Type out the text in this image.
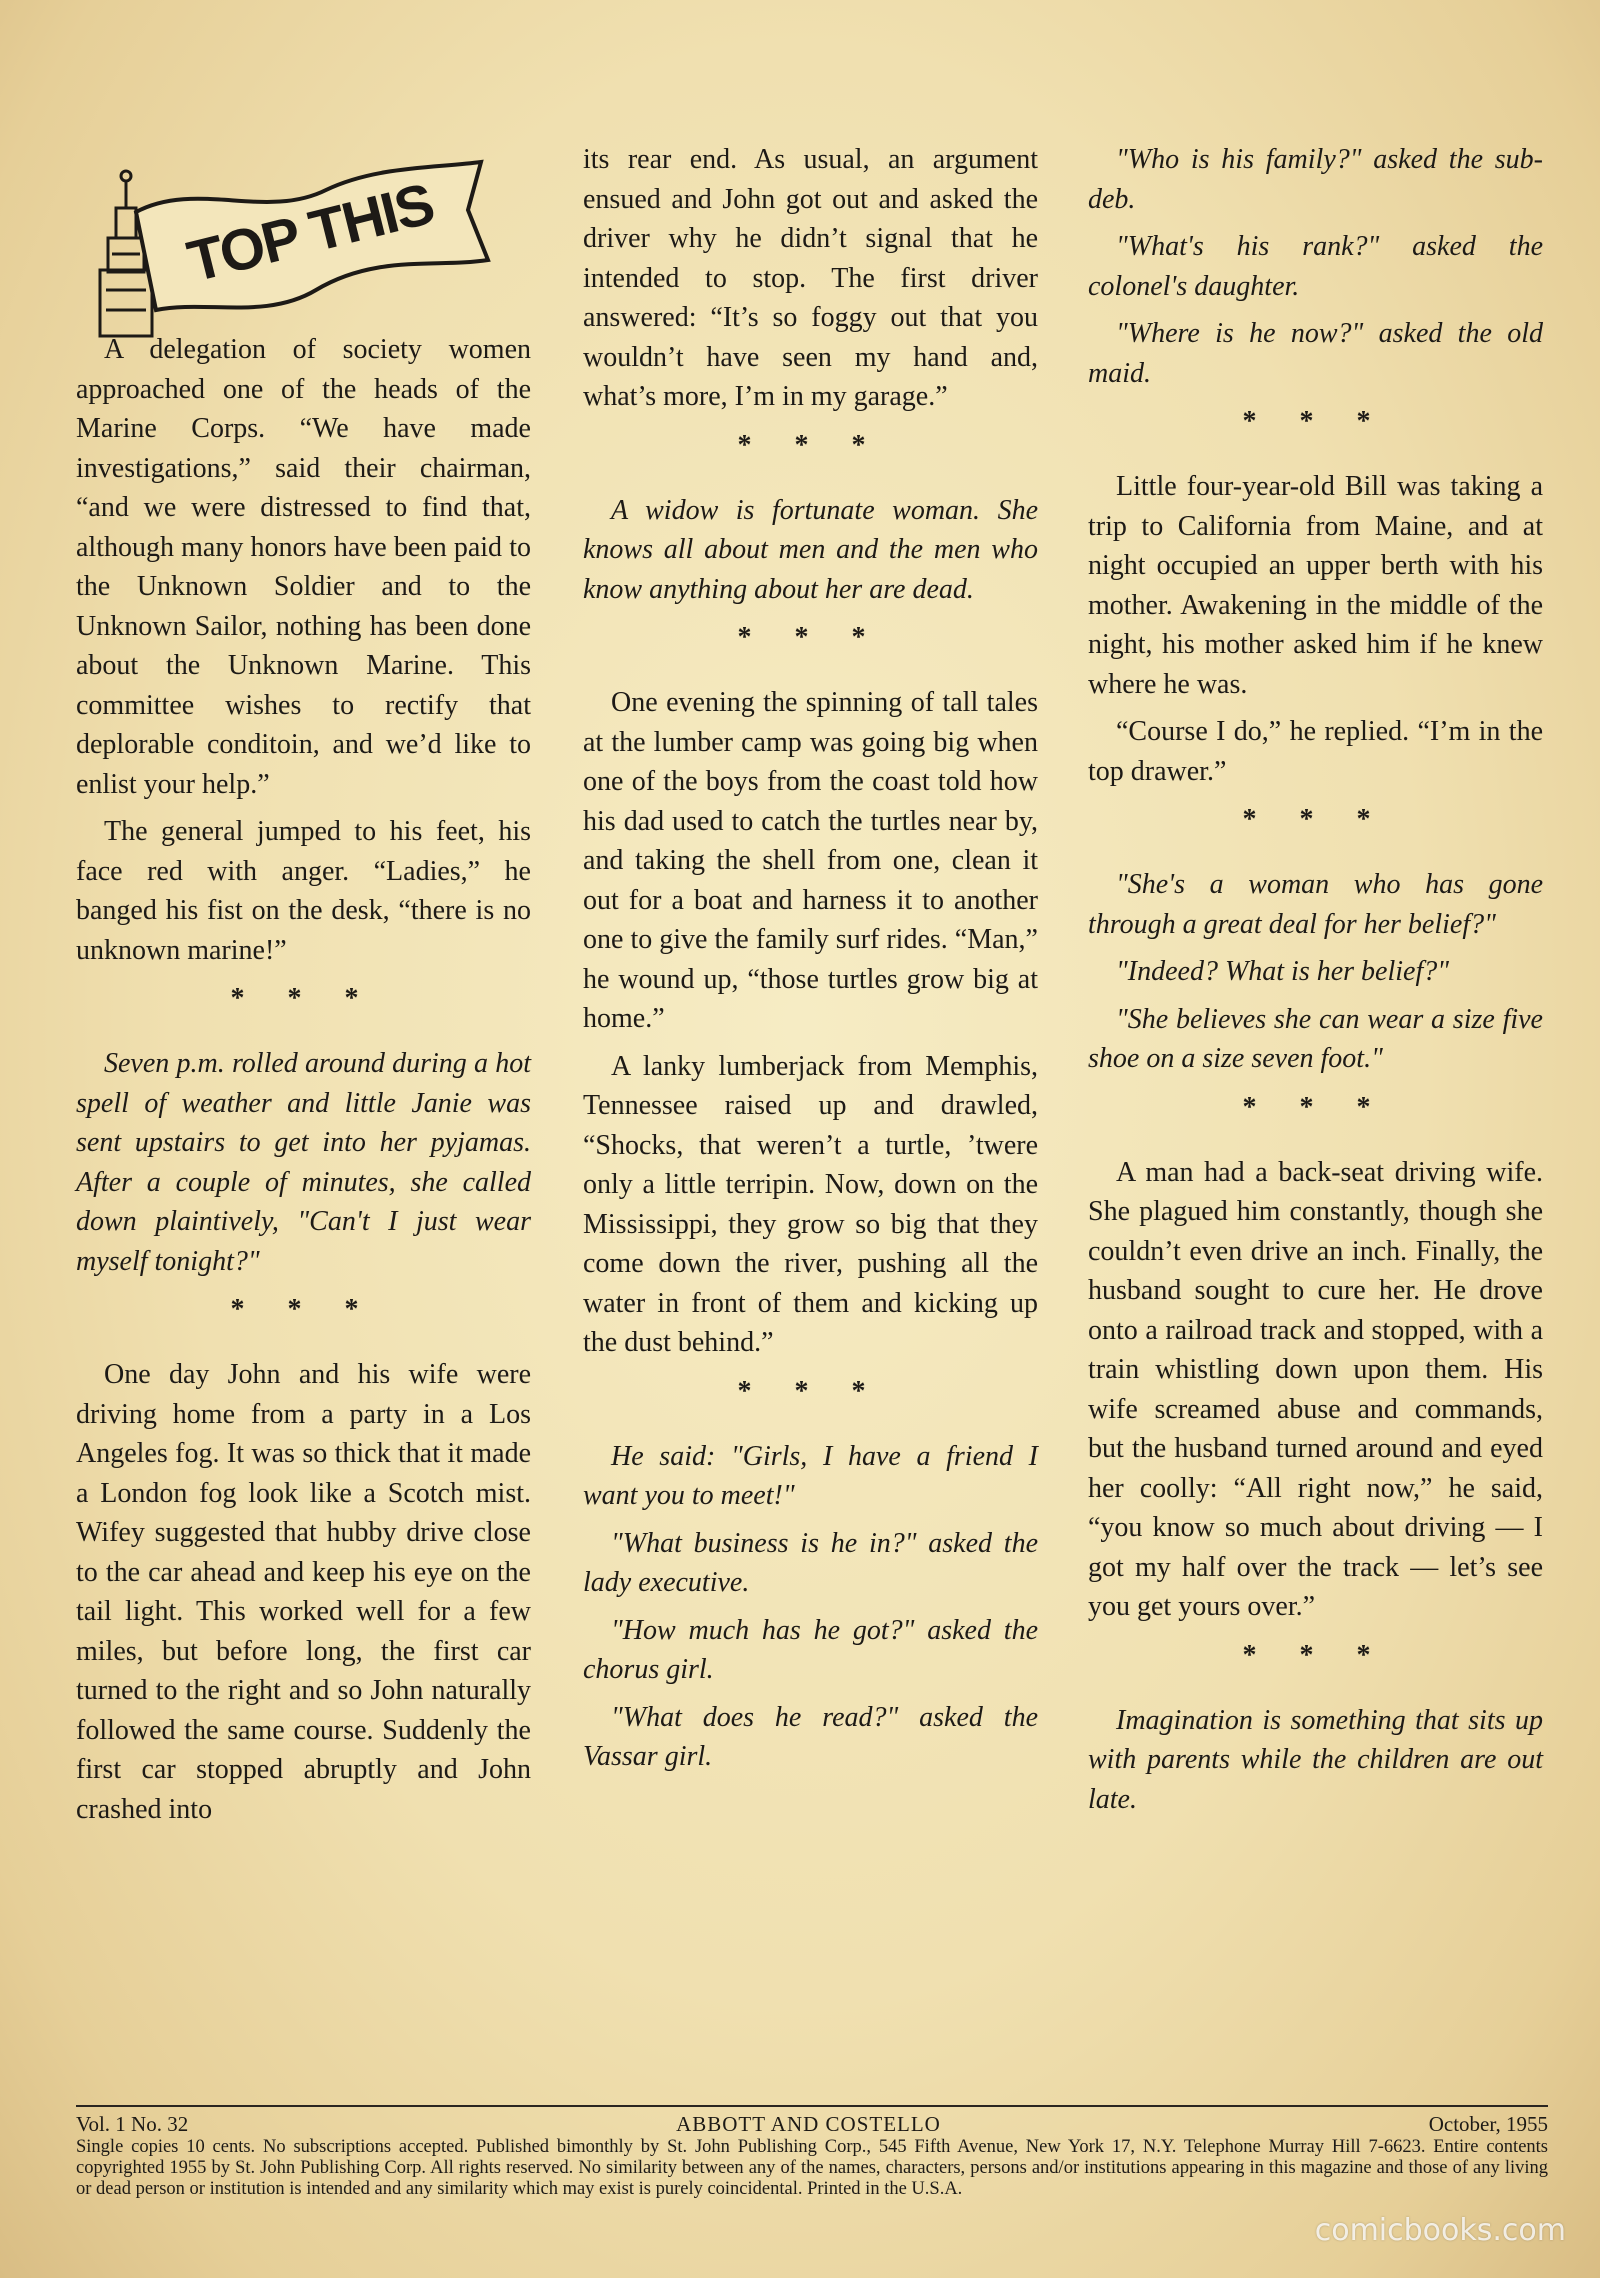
TOP THIS

A delegation of society women approached one of the heads of the Marine Corps. “We have made investigations,” said their chairman, “and we were distressed to find that, although many honors have been paid to the Unknown Soldier and to the Unknown Sailor, nothing has been done about the Unknown Marine. This committee wishes to rectify that deplorable conditoin, and we’d like to enlist your help.”

The general jumped to his feet, his face red with anger. “Ladies,” he banged his fist on the desk, “there is no unknown marine!”

* * *

Seven p.m. rolled around during a hot spell of weather and little Janie was sent upstairs to get into her pyjamas. After a couple of minutes, she called down plaintively, "Can't I just wear myself tonight?"

* * *

One day John and his wife were driving home from a party in a Los Angeles fog. It was so thick that it made a London fog look like a Scotch mist. Wifey suggested that hubby drive close to the car ahead and keep his eye on the tail light. This worked well for a few miles, but before long, the first car turned to the right and so John naturally followed the same course. Suddenly the first car stopped abruptly and John crashed into

its rear end. As usual, an argument ensued and John got out and asked the driver why he didn’t signal that he intended to stop. The first driver answered: “It’s so foggy out that you wouldn’t have seen my hand and, what’s more, I’m in my garage.”

* * *

A widow is fortunate woman. She knows all about men and the men who know anything about her are dead.

* * *

One evening the spinning of tall tales at the lumber camp was going big when one of the boys from the coast told how his dad used to catch the turtles near by, and taking the shell from one, clean it out for a boat and harness it to another one to give the family surf rides. “Man,” he wound up, “those turtles grow big at home.”

A lanky lumberjack from Memphis, Tennessee raised up and drawled, “Shocks, that weren’t a turtle, ’twere only a little terripin. Now, down on the Mississippi, they grow so big that they come down the river, pushing all the water in front of them and kicking up the dust behind.”

* * *

He said: "Girls, I have a friend I want you to meet!"

"What business is he in?" asked the lady executive.

"How much has he got?" asked the chorus girl.

"What does he read?" asked the Vassar girl.

"Who is his family?" asked the sub-deb.

"What's his rank?" asked the colonel's daughter.

"Where is he now?" asked the old maid.

* * *

Little four-year-old Bill was taking a trip to California from Maine, and at night occupied an upper berth with his mother. Awakening in the middle of the night, his mother asked him if he knew where he was.

“Course I do,” he replied. “I’m in the top drawer.”

* * *

"She's a woman who has gone through a great deal for her belief?"

"Indeed? What is her belief?"

"She believes she can wear a size five shoe on a size seven foot."

* * *

A man had a back-seat driving wife. She plagued him constantly, though she couldn’t even drive an inch. Finally, the husband sought to cure her. He drove onto a railroad track and stopped, with a train whistling down upon them. His wife screamed abuse and commands, but the husband turned around and eyed her coolly: “All right now,” he said, “you know so much about driving — I got my half over the track — let’s see you get yours over.”

* * *

Imagination is something that sits up with parents while the children are out late.

Vol. 1 No. 32	ABBOTT AND COSTELLO	October, 1955
Single copies 10 cents. No subscriptions accepted. Published bimonthly by St. John Publishing Corp., 545 Fifth Avenue, New York 17, N.Y. Telephone Murray Hill 7-6623. Entire contents copyrighted 1955 by St. John Publishing Corp. All rights reserved. No similarity between any of the names, characters, persons and/or institutions appearing in this magazine and those of any living or dead person or institution is intended and any similarity which may exist is purely coincidental. Printed in the U.S.A.
comicbooks.com
